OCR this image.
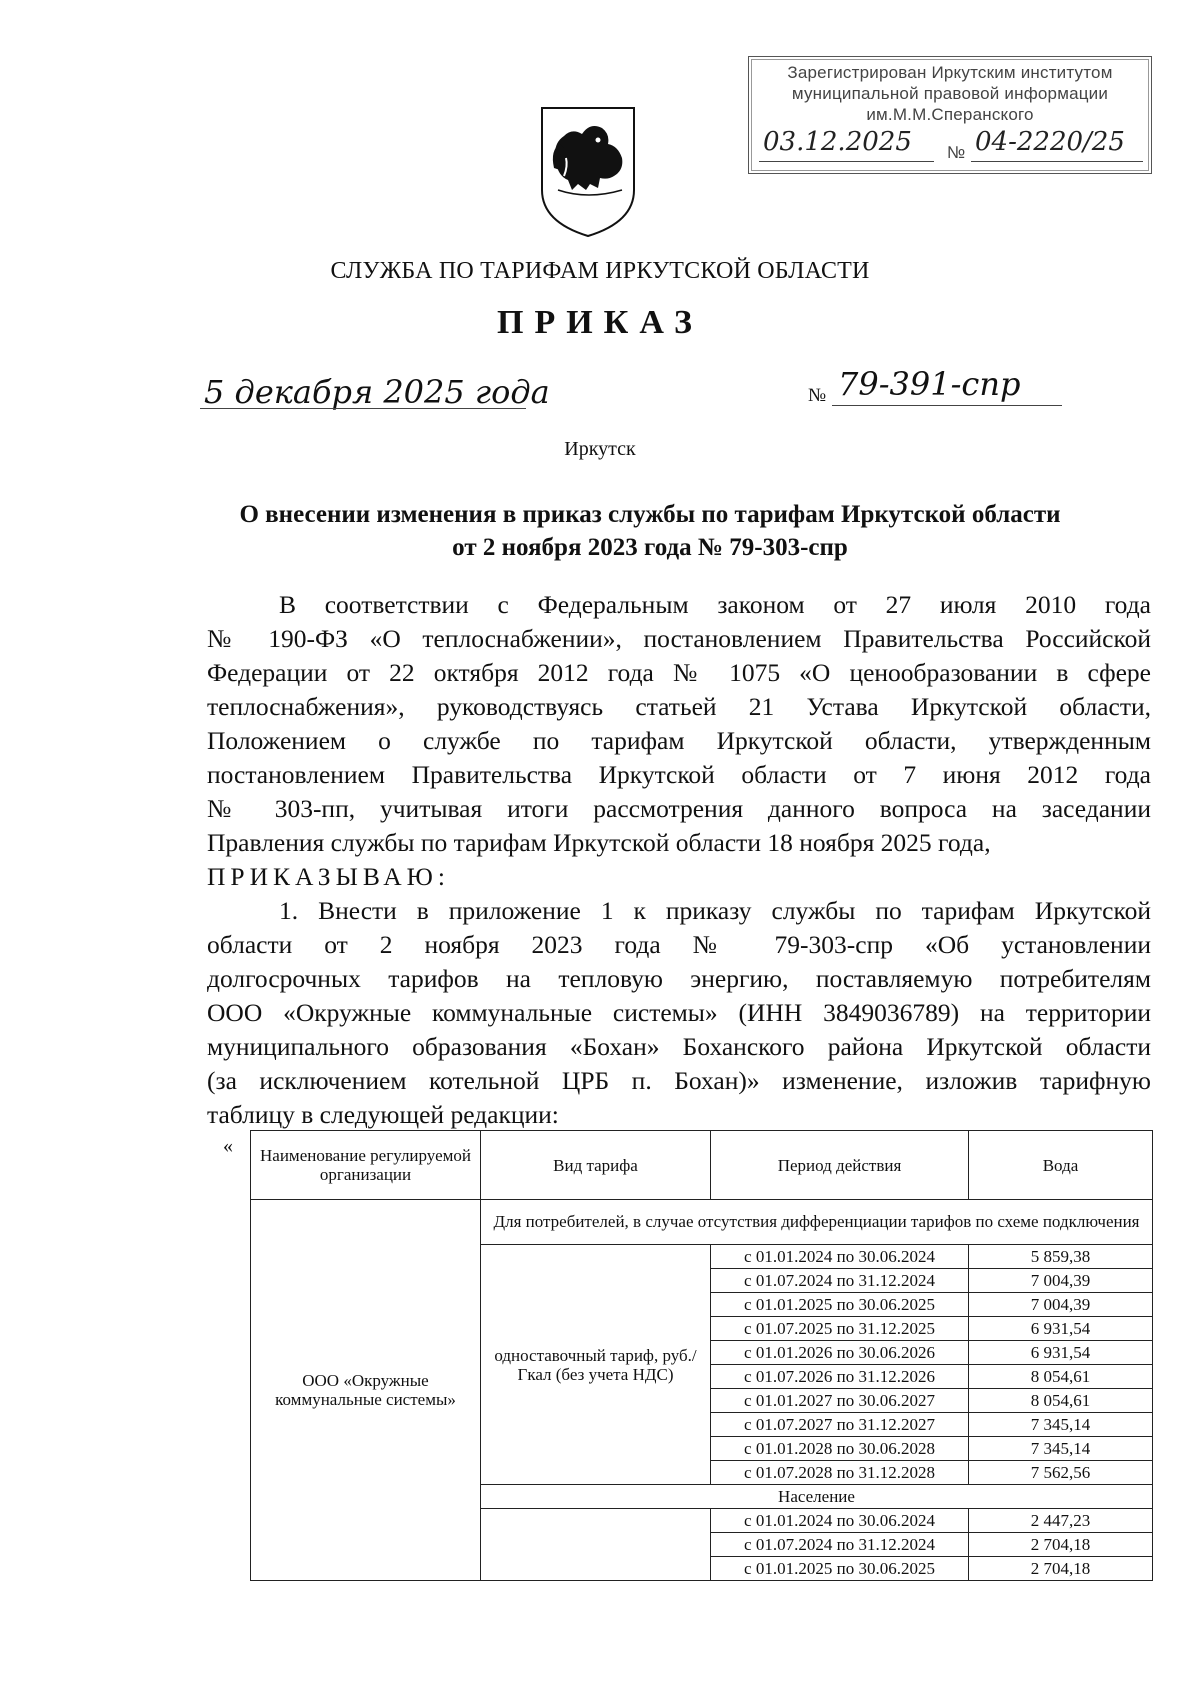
Зарегистрирован Иркутским институтом
муниципальной правовой информации
им.М.М.Сперанского
03.12.2025 № 04-2220/25
СЛУЖБА ПО ТАРИФАМ ИРКУТСКОЙ ОБЛАСТИ
ПРИКАЗ
5 декабря 2025 года	№ 79-391-спр
Иркутск
О внесении изменения в приказ службы по тарифам Иркутской области
от 2 ноября 2023 года № 79-303-спр
В соответствии с Федеральным законом от 27 июля 2010 года
№ 190-ФЗ «О теплоснабжении», постановлением Правительства Российской
Федерации от 22 октября 2012 года № 1075 «О ценообразовании в сфере
теплоснабжения», руководствуясь статьей 21 Устава Иркутской области,
Положением о службе по тарифам Иркутской области, утвержденным
постановлением Правительства Иркутской области от 7 июня 2012 года
№ 303-пп, учитывая итоги рассмотрения данного вопроса на заседании
Правления службы по тарифам Иркутской области 18 ноября 2025 года,
ПРИКАЗЫВАЮ:
1. Внести в приложение 1 к приказу службы по тарифам Иркутской
области от 2 ноября 2023 года № 79-303-спр «Об установлении
долгосрочных тарифов на тепловую энергию, поставляемую потребителям
ООО «Окружные коммунальные системы» (ИНН 3849036789) на территории
муниципального образования «Бохан» Боханского района Иркутской области
(за исключением котельной ЦРБ п. Бохан)» изменение, изложив тарифную
таблицу в следующей редакции:
« Наименование регулируемой организации	Вид тарифа	Период действия	Вода
ООО «Окружные коммунальные системы»	Для потребителей, в случае отсутствия дифференциации тарифов по схеме подключения		
	одноставочный тариф, руб./Гкал (без учета НДС)	с 01.01.2024 по 30.06.2024	5 859,38
		с 01.07.2024 по 31.12.2024	7 004,39
		с 01.01.2025 по 30.06.2025	7 004,39
		с 01.07.2025 по 31.12.2025	6 931,54
		с 01.01.2026 по 30.06.2026	6 931,54
		с 01.07.2026 по 31.12.2026	8 054,61
		с 01.01.2027 по 30.06.2027	8 054,61
		с 01.07.2027 по 31.12.2027	7 345,14
		с 01.01.2028 по 30.06.2028	7 345,14
		с 01.07.2028 по 31.12.2028	7 562,56
	Население		
		с 01.01.2024 по 30.06.2024	2 447,23
		с 01.07.2024 по 31.12.2024	2 704,18
		с 01.01.2025 по 30.06.2025	2 704,18
